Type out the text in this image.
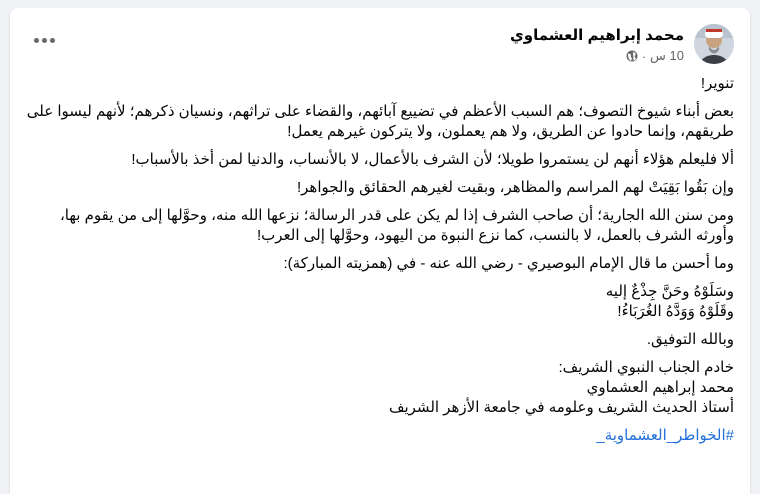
محمد إبراهيم العشماوي
10 س
·

تنوير!

بعض أبناء شيوخ التصوف؛ هم السبب الأعظم في تضييع آبائهم، والقضاء على تراثهم، ونسيان ذكرهم؛ لأنهم ليسوا على طريقهم، وإنما حادوا عن الطريق، ولا هم يعملون، ولا يتركون غيرهم يعمل!

ألا فليعلم هؤلاء أنهم لن يستمروا طويلا؛ لأن الشرف بالأعمال، لا بالأنساب، والدنيا لمن أخذ بالأسباب!

وإن بَقُوا بَقِيَتْ لهم المراسم والمظاهر، وبقيت لغيرهم الحقائق والجواهر!

ومن سنن الله الجارية؛ أن صاحب الشرف إذا لم يكن على قدر الرسالة؛ نزعها الله منه، وحوَّلها إلى من يقوم بها، وأورثه الشرف بالعمل، لا بالنسب، كما نزع النبوة من اليهود، وحوَّلها إلى العرب!

وما أحسن ما قال الإمام البوصيري - رضي الله عنه - في (همزيته المباركة):

وسَلَوْهُ وحَنَّ جِذْعٌ إليه
وقَلَوْهُ وَوَدَّهُ الغُرَبَاءُ!

وبالله التوفيق.

خادم الجناب النبوي الشريف:
محمد إبراهيم العشماوي
أستاذ الحديث الشريف وعلومه في جامعة الأزهر الشريف
#الخواطر_العشماوية_
